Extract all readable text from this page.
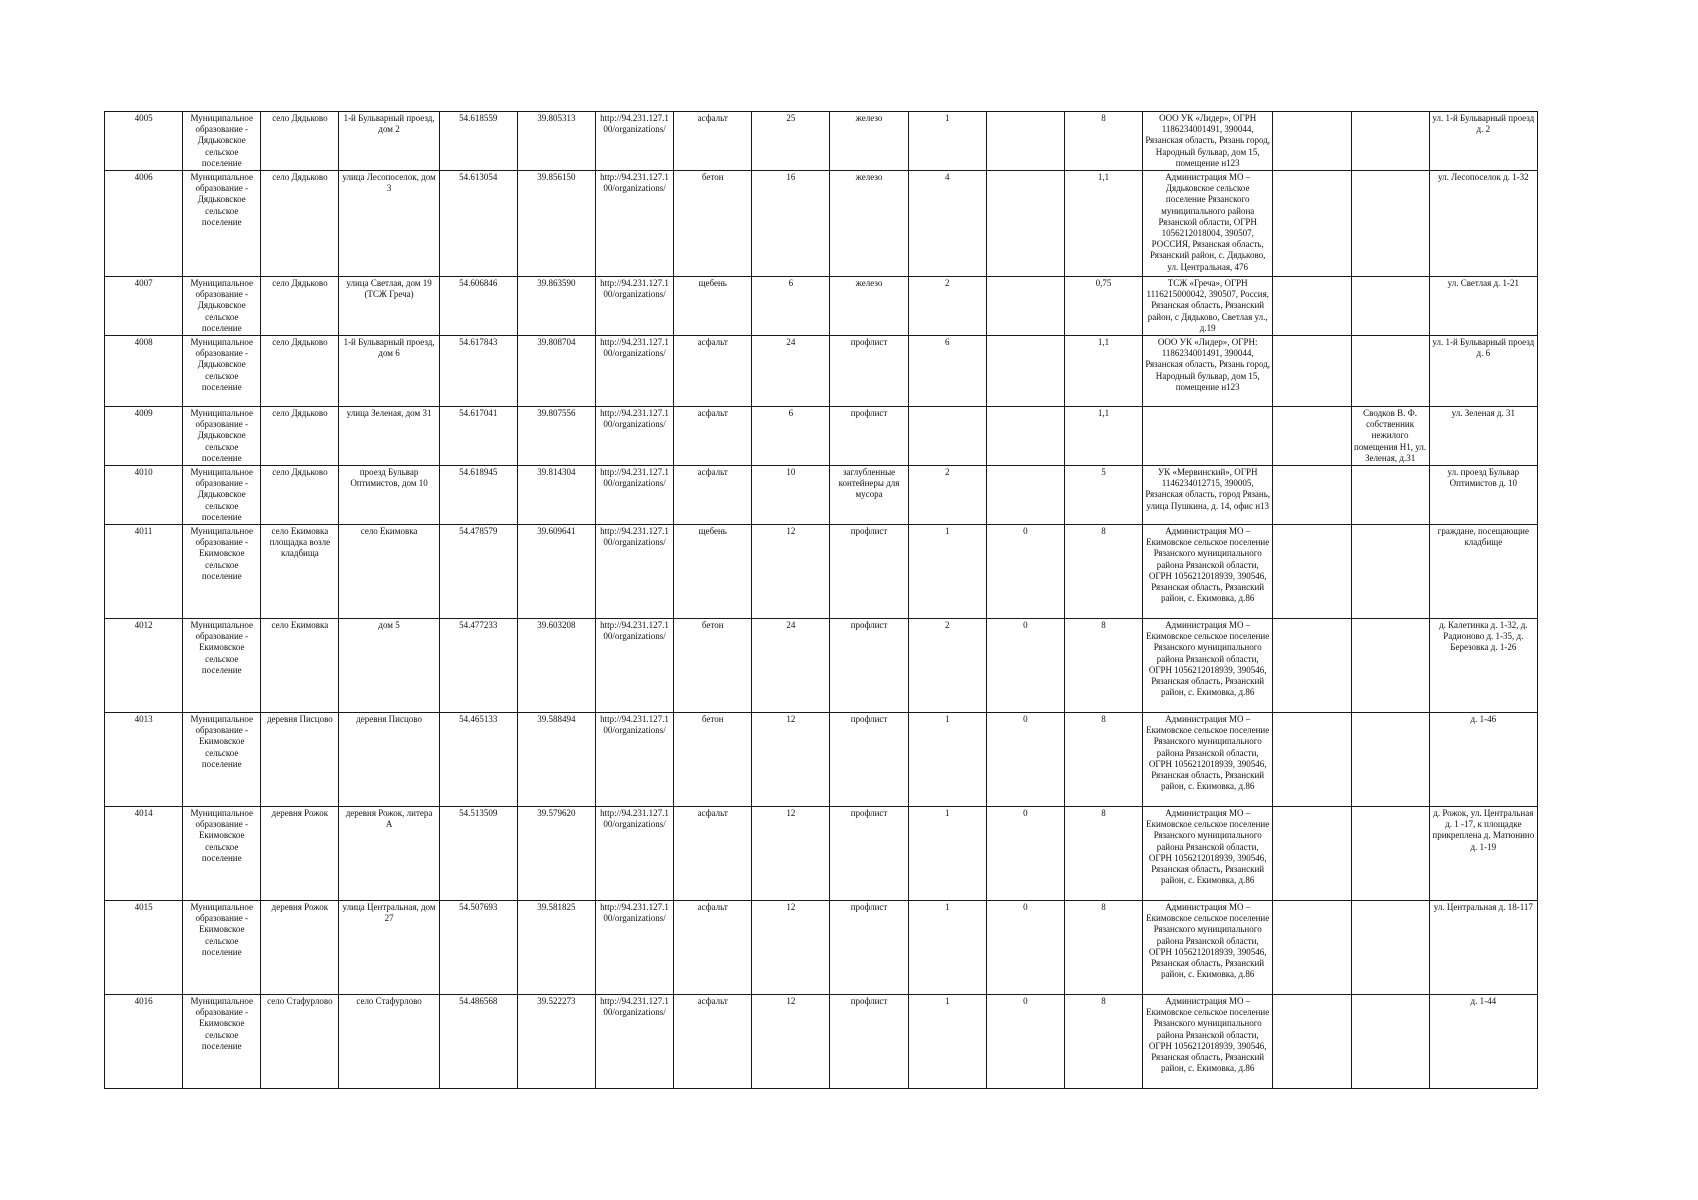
4005	Муниципальное образование - Дядьковское сельское поселение	село Дядьково	1-й Бульварный проезд, дом 2	54.618559	39.805313	http://94.231.127.100/organizations/	асфальт	25	железо	1		8	ООО УК «Лидер», ОГРН 1186234001491, 390044, Рязанская область, Рязань город, Народный бульвар, дом 15, помещение н123			ул. 1-й Бульварный проезд д. 2
4006	Муниципальное образование - Дядьковское сельское поселение	село Дядьково	улица Лесопоселок, дом 3	54.613054	39.856150	http://94.231.127.100/organizations/	бетон	16	железо	4		1,1	Администрация МО – Дядьковское сельское поселение Рязанского муниципального района Рязанской области, ОГРН 1056212018004, 390507, РОССИЯ, Рязанская область, Рязанский район, с. Дядьково, ул. Центральная, 476			ул. Лесопоселок д. 1-32
4007	Муниципальное образование - Дядьковское сельское поселение	село Дядьково	улица Светлая, дом 19 (ТСЖ Греча)	54.606846	39.863590	http://94.231.127.100/organizations/	щебень	6	железо	2		0,75	ТСЖ «Греча», ОГРН 1116215000042, 390507, Россия, Рязанская область, Рязанский район, с Дядьково, Светлая ул., д.19			ул. Светлая д. 1-21
4008	Муниципальное образование - Дядьковское сельское поселение	село Дядьково	1-й Бульварный проезд, дом 6	54.617843	39.808704	http://94.231.127.100/organizations/	асфальт	24	профлист	6		1,1	ООО УК «Лидер», ОГРН: 1186234001491, 390044, Рязанская область, Рязань город, Народный бульвар, дом 15, помещение н123			ул. 1-й Бульварный проезд д. 6
4009	Муниципальное образование - Дядьковское сельское поселение	село Дядьково	улица Зеленая, дом 31	54.617041	39.807556	http://94.231.127.100/organizations/	асфальт	6	профлист			1,1			Сводков В. Ф. собственник нежилого помещения Н1, ул. Зеленая, д.31	ул. Зеленая д. 31
4010	Муниципальное образование - Дядьковское сельское поселение	село Дядьково	проезд Бульвар Оптимистов, дом 10	54.618945	39.814304	http://94.231.127.100/organizations/	асфальт	10	заглубленные контейнеры для мусора	2		5	УК «Мервинский», ОГРН 1146234012715, 390005, Рязанская область, город Рязань, улица Пушкина, д. 14, офис н13			ул. проезд Бульвар Оптимистов д. 10
4011	Муниципальное образование - Екимовское сельское поселение	село Екимовка площадка возле кладбища	село Екимовка	54.478579	39.609641	http://94.231.127.100/organizations/	щебень	12	профлист	1	0	8	Администрация МО – Екимовское сельское поселение Рязанского муниципального района Рязанской области, ОГРН 1056212018939, 390546, Рязанская область, Рязанский район, с. Екимовка, д.86			граждане, посещающие кладбище
4012	Муниципальное образование - Екимовское сельское поселение	село Екимовка	дом 5	54.477233	39.603208	http://94.231.127.100/organizations/	бетон	24	профлист	2	0	8	Администрация МО – Екимовское сельское поселение Рязанского муниципального района Рязанской области, ОГРН 1056212018939, 390546, Рязанская область, Рязанский район, с. Екимовка, д.86			д. Калетинка д. 1-32, д. Радионово д. 1-35, д. Березовка д. 1-26
4013	Муниципальное образование - Екимовское сельское поселение	деревня Писцово	деревня Писцово	54.465133	39.588494	http://94.231.127.100/organizations/	бетон	12	профлист	1	0	8	Администрация МО – Екимовское сельское поселение Рязанского муниципального района Рязанской области, ОГРН 1056212018939, 390546, Рязанская область, Рязанский район, с. Екимовка, д.86			д. 1-46
4014	Муниципальное образование - Екимовское сельское поселение	деревня Рожок	деревня Рожок, литера А	54.513509	39.579620	http://94.231.127.100/organizations/	асфальт	12	профлист	1	0	8	Администрация МО – Екимовское сельское поселение Рязанского муниципального района Рязанской области, ОГРН 1056212018939, 390546, Рязанская область, Рязанский район, с. Екимовка, д.86			д. Рожок, ул. Центральная д. 1 -17, к площадке прикреплена д. Матюнино д. 1-19
4015	Муниципальное образование - Екимовское сельское поселение	деревня Рожок	улица Центральная, дом 27	54.507693	39.581825	http://94.231.127.100/organizations/	асфальт	12	профлист	1	0	8	Администрация МО – Екимовское сельское поселение Рязанского муниципального района Рязанской области, ОГРН 1056212018939, 390546, Рязанская область, Рязанский район, с. Екимовка, д.86			ул. Центральная д. 18-117
4016	Муниципальное образование - Екимовское сельское поселение	село Стафурлово	село Стафурлово	54.486568	39.522273	http://94.231.127.100/organizations/	асфальт	12	профлист	1	0	8	Администрация МО – Екимовское сельское поселение Рязанского муниципального района Рязанской области, ОГРН 1056212018939, 390546, Рязанская область, Рязанский район, с. Екимовка, д.86			д. 1-44
